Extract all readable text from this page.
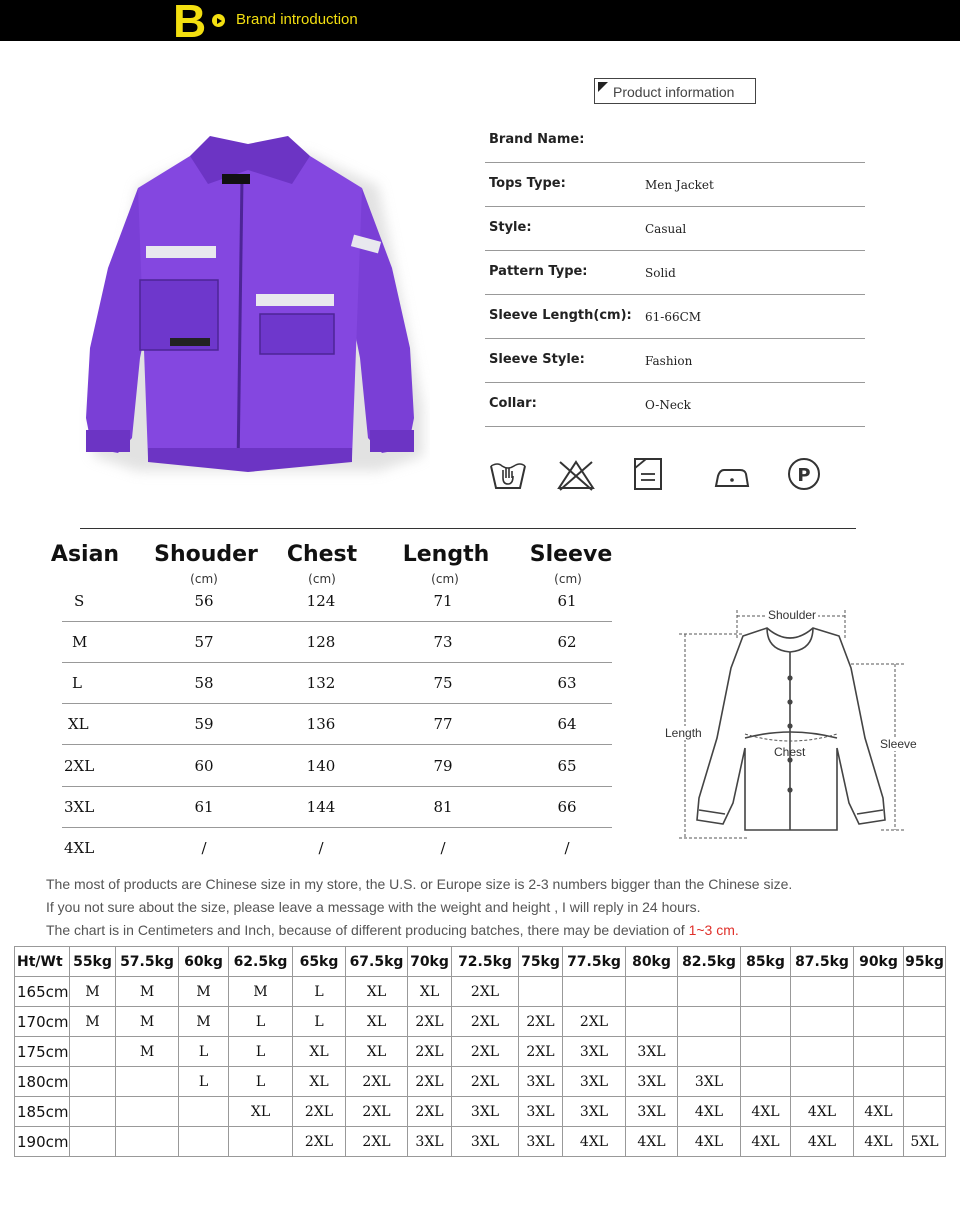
B Brand introduction
Product information
Brand Name:
Tops Type:	Men Jacket
Style:	Casual
Pattern Type:	Solid
Sleeve Length(cm): 61-66CM
Sleeve Style:	Fashion
Collar:	O-Neck
P
Asian Shouder Chest Length Sleeve
(cm)	(cm)	(cm)	(cm)
S	56	124	71	61
M	57	128	73	62
L	58	132	75	63
XL	59	136	77	64
2XL	60	140	79	65
3XL	61	144	81	66
4XL	/	/	/	/
Shoulder
Length
Chest
Sleeve
The most of products are Chinese size in my store, the U.S. or Europe size is 2-3 numbers bigger than the Chinese size.
If you not sure about the size, please leave a message with the weight and height , I will reply in 24 hours.
The chart is in Centimeters and Inch, because of different producing batches, there may be deviation of 1~3 cm.
Ht/Wt	55kg	57.5kg	60kg	62.5kg	65kg	67.5kg	70kg	72.5kg	75kg	77.5kg	80kg	82.5kg	85kg	87.5kg	90kg	95kg
165cm	M	M	M	M	L	XL	XL	2XL								
170cm	M	M	M	L	L	XL	2XL	2XL	2XL	2XL						
175cm		M	L	L	XL	XL	2XL	2XL	2XL	3XL	3XL					
180cm			L	L	XL	2XL	2XL	2XL	3XL	3XL	3XL	3XL				
185cm				XL	2XL	2XL	2XL	3XL	3XL	3XL	3XL	4XL	4XL	4XL	4XL	
190cm					2XL	2XL	3XL	3XL	3XL	4XL	4XL	4XL	4XL	4XL	4XL	5XL
